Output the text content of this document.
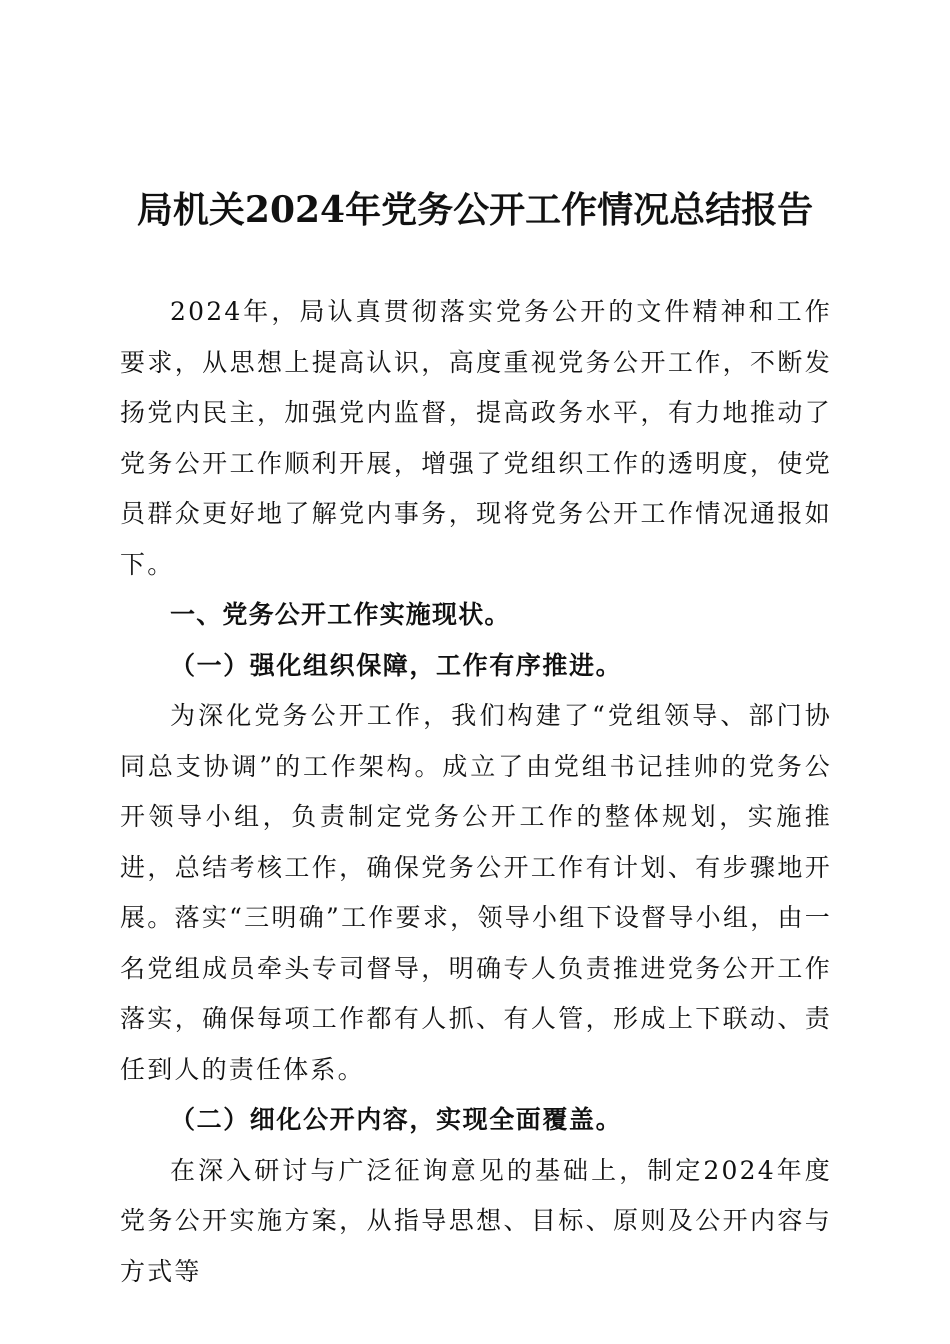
局机关2024年党务公开工作情况总结报告

2024年，局认真贯彻落实党务公开的文件精神和工作要求，从思想上提高认识，高度重视党务公开工作，不断发扬党内民主，加强党内监督，提高政务水平，有力地推动了党务公开工作顺利开展，增强了党组织工作的透明度，使党员群众更好地了解党内事务，现将党务公开工作情况通报如下。

一、党务公开工作实施现状。

（一）强化组织保障，工作有序推进。

为深化党务公开工作，我们构建了“党组领导、部门协同总支协调”的工作架构。成立了由党组书记挂帅的党务公开领导小组，负责制定党务公开工作的整体规划，实施推进，总结考核工作，确保党务公开工作有计划、有步骤地开展。落实“三明确”工作要求，领导小组下设督导小组，由一名党组成员牵头专司督导，明确专人负责推进党务公开工作落实，确保每项工作都有人抓、有人管，形成上下联动、责任到人的责任体系。

（二）细化公开内容，实现全面覆盖。

在深入研讨与广泛征询意见的基础上，制定2024年度党务公开实施方案，从指导思想、目标、原则及公开内容与方式等
